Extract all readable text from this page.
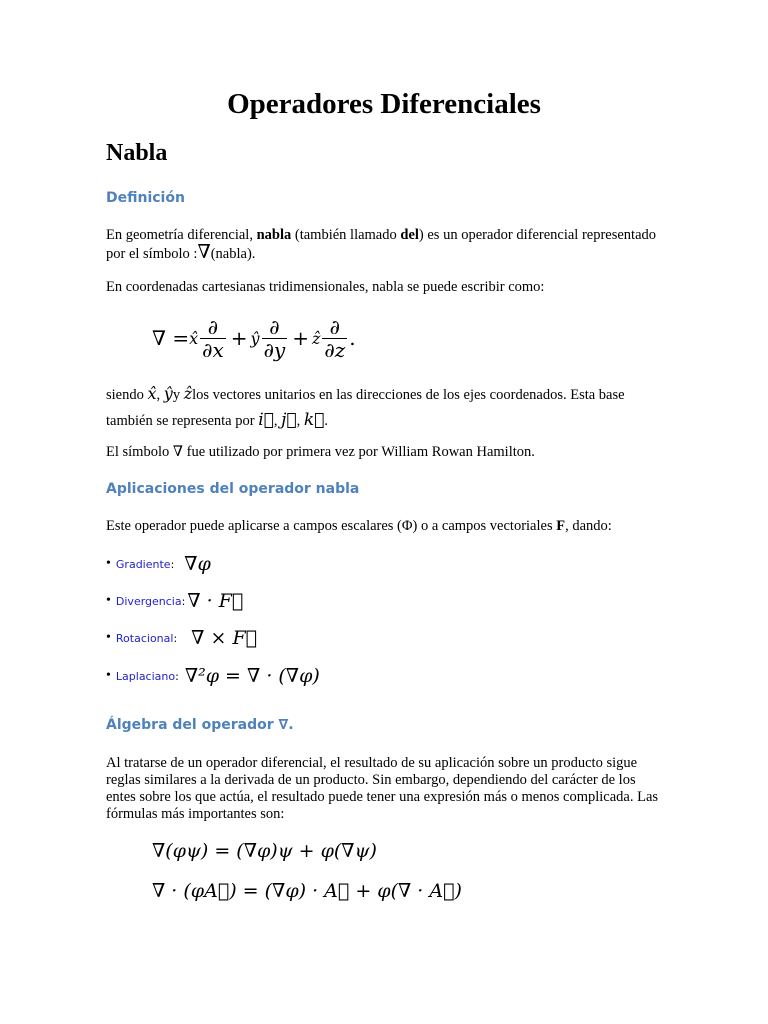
Operadores Diferenciales
Nabla
Definición

En geometría diferencial, nabla (también llamado del) es un operador diferencial representado por el símbolo :∇(nabla).

En coordenadas cartesianas tridimensionales, nabla se puede escribir como:

∇ = x̂ $\frac{\partial}{\partial x}$ + ŷ $\frac{\partial}{\partial y}$ + ẑ $\frac{\partial}{\partial z}$ .

siendo x̂, ŷy ẑlos vectores unitarios en las direcciones de los ejes coordenados. Esta base también se representa por i⃗, j⃗, k⃗.

El símbolo ∇ fue utilizado por primera vez por William Rowan Hamilton.

Aplicaciones del operador nabla

Este operador puede aplicarse a campos escalares (Φ) o a campos vectoriales F, dando:

• Gradiente : ∇φ
• Divergencia : ∇ · F⃗
• Rotacional : ∇ × F⃗
• Laplaciano : ∇²φ = ∇ · (∇φ)
Álgebra del operador ∇.

Al tratarse de un operador diferencial, el resultado de su aplicación sobre un producto sigue reglas similares a la derivada de un producto. Sin embargo, dependiendo del carácter de los entes sobre los que actúa, el resultado puede tener una expresión más o menos complicada. Las fórmulas más importantes son:

∇(φψ) = (∇φ)ψ + φ(∇ψ)
∇ · (φA⃗) = (∇φ) · A⃗ + φ(∇ · A⃗)
